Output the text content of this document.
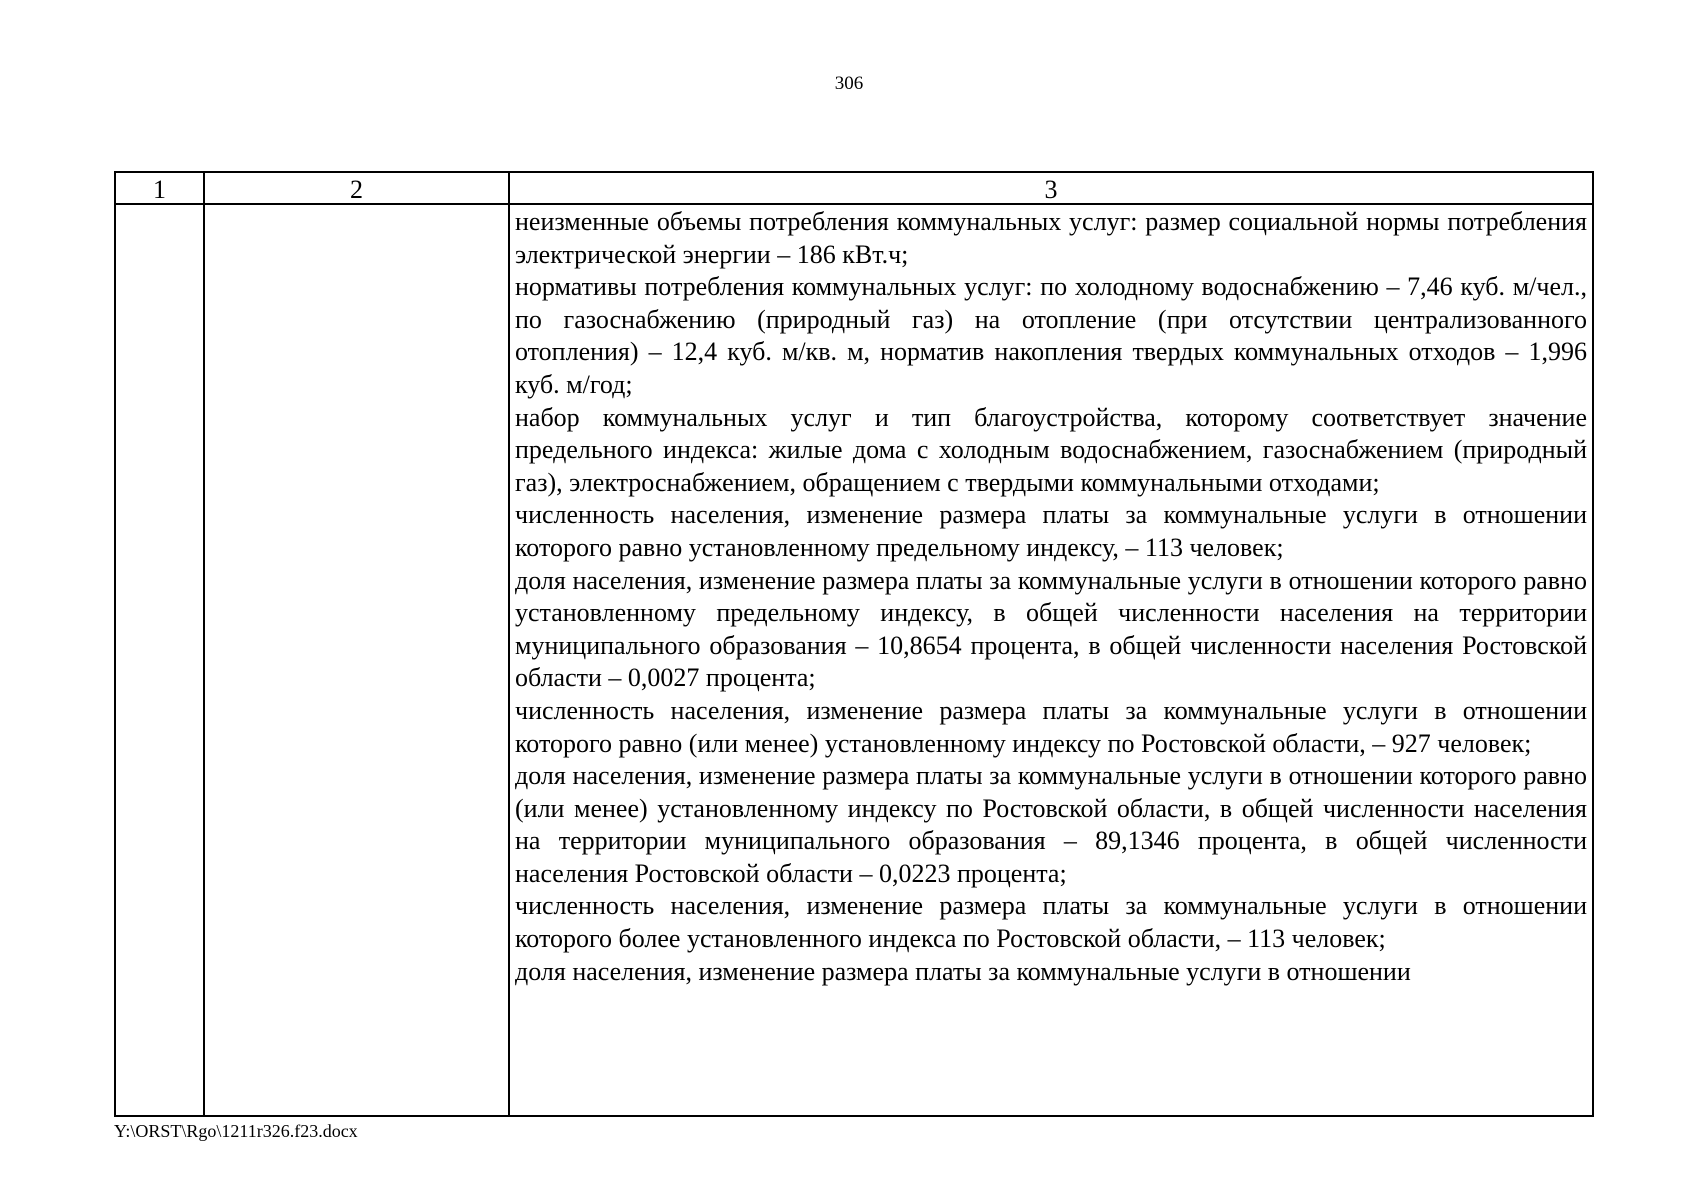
306
1	2	3

неизменные объемы потребления коммунальных услуг: размер социальной нормы потребления электрической энергии – 186 кВт.ч;

нормативы потребления коммунальных услуг: по холодному водоснабжению – 7,46 куб. м/чел., по газоснабжению (природный газ) на отопление (при отсутствии централизованного отопления) – 12,4 куб. м/кв. м, норматив накопления твердых коммунальных отходов – 1,996 куб. м/год;

набор коммунальных услуг и тип благоустройства, которому соответствует значение предельного индекса: жилые дома с холодным водоснабжением, газоснабжением (природный газ), электроснабжением, обращением с твердыми коммунальными отходами;

численность населения, изменение размера платы за коммунальные услуги в отношении которого равно установленному предельному индексу, – 113 человек;

доля населения, изменение размера платы за коммунальные услуги в отношении которого равно установленному предельному индексу, в общей численности населения на территории муниципального образования – 10,8654 процента, в общей численности населения Ростовской области – 0,0027 процента;

численность населения, изменение размера платы за коммунальные услуги в отношении которого равно (или менее) установленному индексу по Ростовской области, – 927 человек;

доля населения, изменение размера платы за коммунальные услуги в отношении которого равно (или менее) установленному индексу по Ростовской области, в общей численности населения на территории муниципального образования – 89,1346 процента, в общей численности населения Ростовской области – 0,0223 процента;

численность населения, изменение размера платы за коммунальные услуги в отношении которого более установленного индекса по Ростовской области, – 113 человек;

доля населения, изменение размера платы за коммунальные услуги в отношении

Y:\ORST\Rgo\1211r326.f23.docx
